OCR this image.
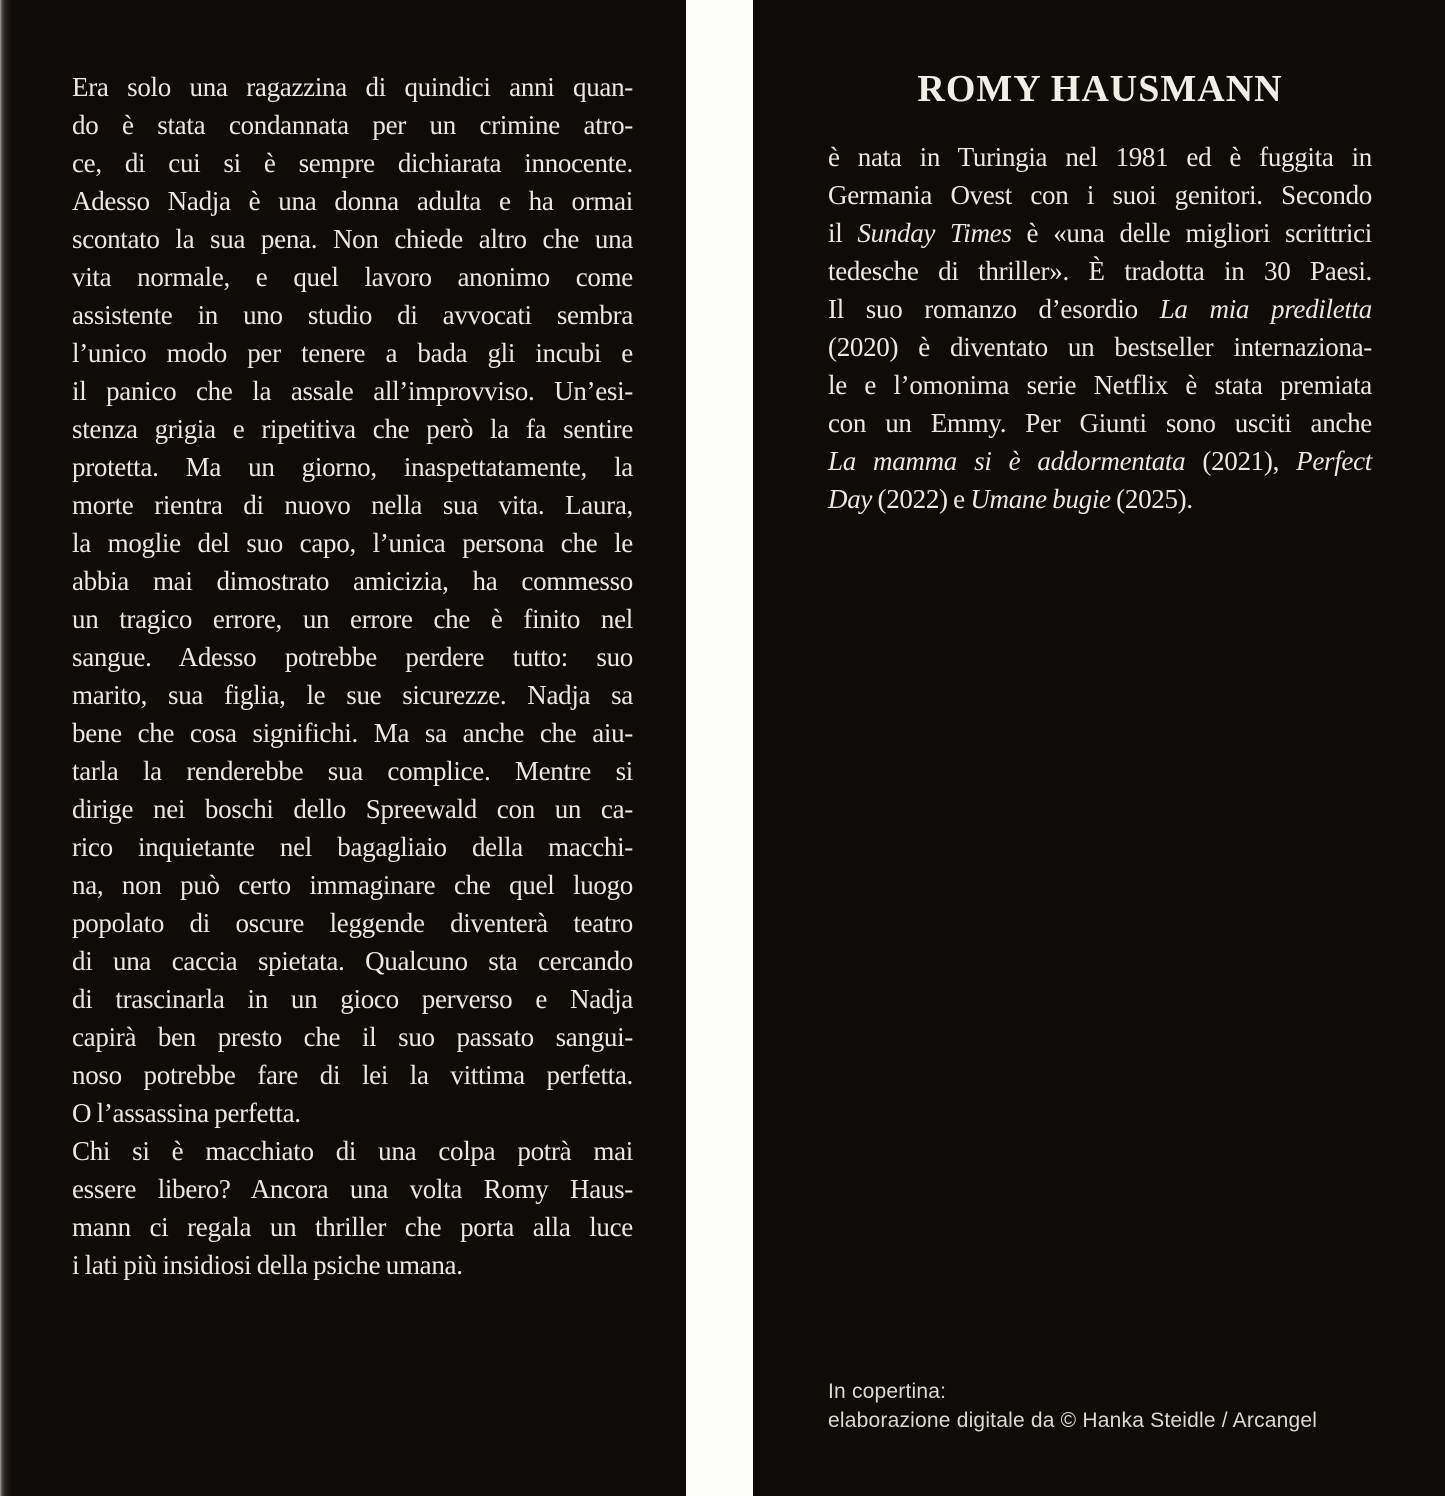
Era solo una ragazzina di quindici anni quan-
do è stata condannata per un crimine atro-
ce, di cui si è sempre dichiarata innocente.
Adesso Nadja è una donna adulta e ha ormai
scontato la sua pena. Non chiede altro che una
vita normale, e quel lavoro anonimo come
assistente in uno studio di avvocati sembra
l’unico modo per tenere a bada gli incubi e
il panico che la assale all’improvviso. Un’esi-
stenza grigia e ripetitiva che però la fa sentire
protetta. Ma un giorno, inaspettatamente, la
morte rientra di nuovo nella sua vita. Laura,
la moglie del suo capo, l’unica persona che le
abbia mai dimostrato amicizia, ha commesso
un tragico errore, un errore che è finito nel
sangue. Adesso potrebbe perdere tutto: suo
marito, sua figlia, le sue sicurezze. Nadja sa
bene che cosa significhi. Ma sa anche che aiu-
tarla la renderebbe sua complice. Mentre si
dirige nei boschi dello Spreewald con un ca-
rico inquietante nel bagagliaio della macchi-
na, non può certo immaginare che quel luogo
popolato di oscure leggende diventerà teatro
di una caccia spietata. Qualcuno sta cercando
di trascinarla in un gioco perverso e Nadja
capirà ben presto che il suo passato sangui-
noso potrebbe fare di lei la vittima perfetta.
O l’assassina perfetta.
Chi si è macchiato di una colpa potrà mai
essere libero? Ancora una volta Romy Haus-
mann ci regala un thriller che porta alla luce
i lati più insidiosi della psiche umana.
ROMY HAUSMANN
è nata in Turingia nel 1981 ed è fuggita in
Germania Ovest con i suoi genitori. Secondo
il Sunday Times è «una delle migliori scrittrici
tedesche di thriller». È tradotta in 30 Paesi.
Il suo romanzo d’esordio La mia prediletta
(2020) è diventato un bestseller internaziona-
le e l’omonima serie Netflix è stata premiata
con un Emmy. Per Giunti sono usciti anche
La mamma si è addormentata (2021), Perfect
Day (2022) e Umane bugie (2025).
In copertina:
elaborazione digitale da © Hanka Steidle / Arcangel
